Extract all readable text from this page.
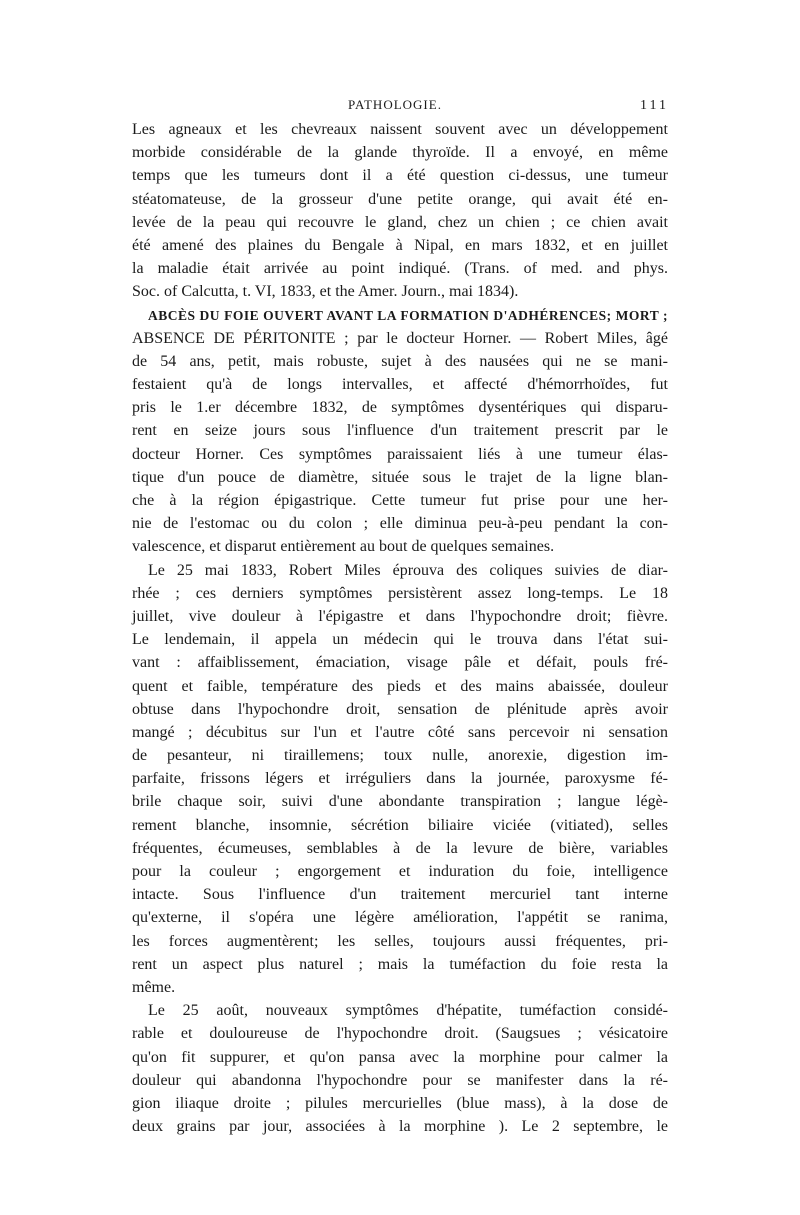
PATHOLOGIE.	111
Les agneaux et les chevreaux naissent souvent avec un développement
morbide considérable de la glande thyroïde. Il a envoyé, en même
temps que les tumeurs dont il a été question ci-dessus, une tumeur
stéatomateuse, de la grosseur d'une petite orange, qui avait été en-
levée de la peau qui recouvre le gland, chez un chien ; ce chien avait
été amené des plaines du Bengale à Nipal, en mars 1832, et en juillet
la maladie était arrivée au point indiqué. (Trans. of med. and phys.
Soc. of Calcutta, t. VI, 1833, et the Amer. Journ., mai 1834).
ABCÈS DU FOIE OUVERT AVANT LA FORMATION D'ADHÉRENCES; MORT ;
ABSENCE DE PÉRITONITE ; par le docteur Horner. — Robert Miles, âgé
de 54 ans, petit, mais robuste, sujet à des nausées qui ne se mani-
festaient qu'à de longs intervalles, et affecté d'hémorrhoïdes, fut
pris le 1.er décembre 1832, de symptômes dysentériques qui disparu-
rent en seize jours sous l'influence d'un traitement prescrit par le
docteur Horner. Ces symptômes paraissaient liés à une tumeur élas-
tique d'un pouce de diamètre, située sous le trajet de la ligne blan-
che à la région épigastrique. Cette tumeur fut prise pour une her-
nie de l'estomac ou du colon ; elle diminua peu-à-peu pendant la con-
valescence, et disparut entièrement au bout de quelques semaines.
Le 25 mai 1833, Robert Miles éprouva des coliques suivies de diar-
rhée ; ces derniers symptômes persistèrent assez long-temps. Le 18
juillet, vive douleur à l'épigastre et dans l'hypochondre droit; fièvre.
Le lendemain, il appela un médecin qui le trouva dans l'état sui-
vant : affaiblissement, émaciation, visage pâle et défait, pouls fré-
quent et faible, température des pieds et des mains abaissée, douleur
obtuse dans l'hypochondre droit, sensation de plénitude après avoir
mangé ; décubitus sur l'un et l'autre côté sans percevoir ni sensation
de pesanteur, ni tiraillemens; toux nulle, anorexie, digestion im-
parfaite, frissons légers et irréguliers dans la journée, paroxysme fé-
brile chaque soir, suivi d'une abondante transpiration ; langue légè-
rement blanche, insomnie, sécrétion biliaire viciée (vitiated), selles
fréquentes, écumeuses, semblables à de la levure de bière, variables
pour la couleur ; engorgement et induration du foie, intelligence
intacte. Sous l'influence d'un traitement mercuriel tant interne
qu'externe, il s'opéra une légère amélioration, l'appétit se ranima,
les forces augmentèrent; les selles, toujours aussi fréquentes, pri-
rent un aspect plus naturel ; mais la tuméfaction du foie resta la
même.
Le 25 août, nouveaux symptômes d'hépatite, tuméfaction considé-
rable et douloureuse de l'hypochondre droit. (Saugsues ; vésicatoire
qu'on fit suppurer, et qu'on pansa avec la morphine pour calmer la
douleur qui abandonna l'hypochondre pour se manifester dans la ré-
gion iliaque droite ; pilules mercurielles (blue mass), à la dose de
deux grains par jour, associées à la morphine ). Le 2 septembre, le
